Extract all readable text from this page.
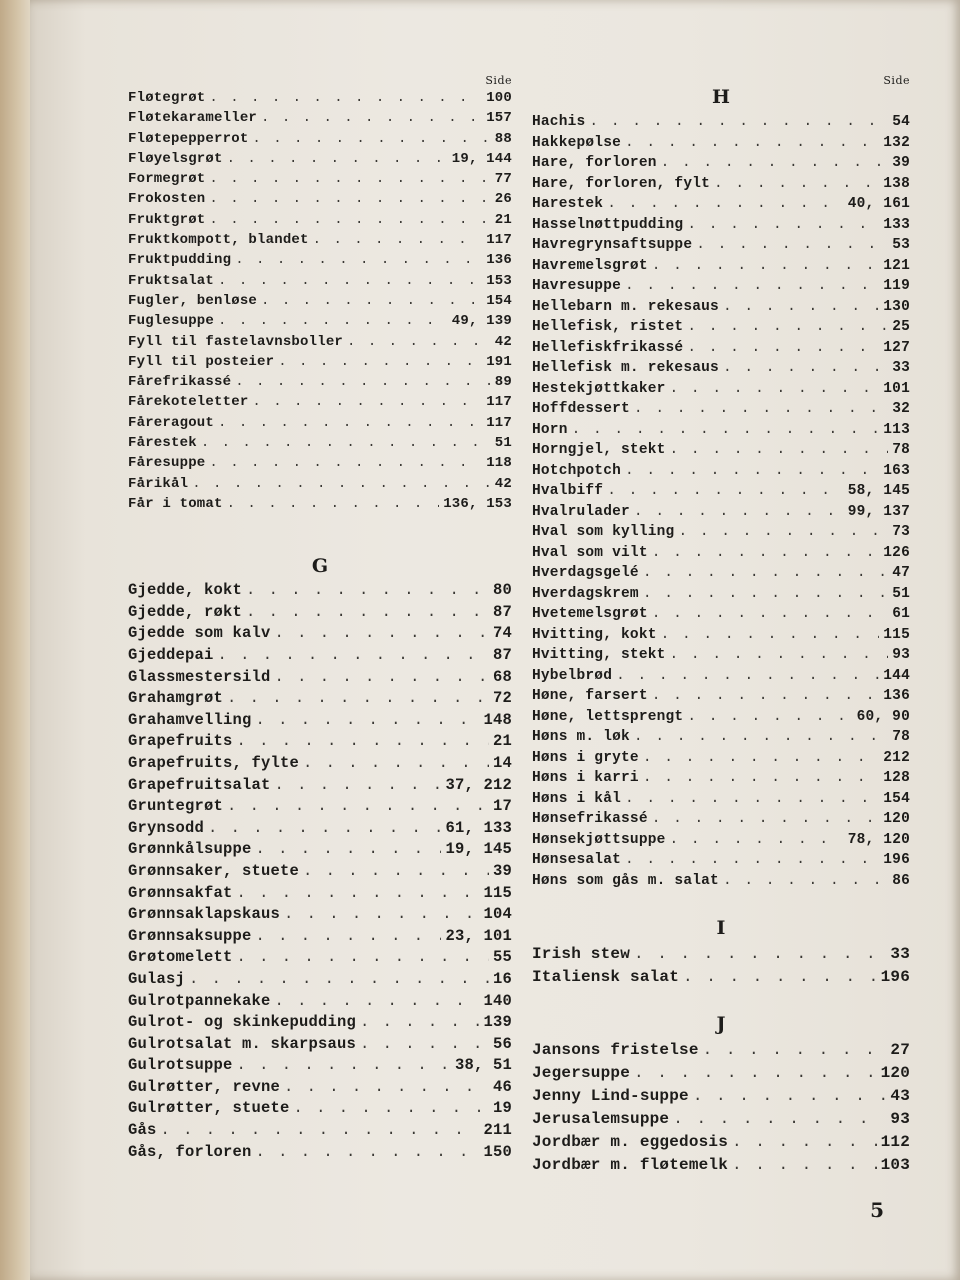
Side
Fløtegrøt . . .	100
Fløtekarameller . . .	157
Fløtepepperrot . . .	88
Fløyelsgrøt . . .	19, 144
Formegrøt . . .	77
Frokosten . . .	26
Fruktgrøt . . .	21
Fruktkompott, blandet . . .	117
Fruktpudding . . .	136
Fruktsalat . . .	153
Fugler, benløse . . .	154
Fuglesuppe . . .	49, 139
Fyll til fastelavnsboller . . .	42
Fyll til posteier . . .	191
Fårefrikassé . . .	89
Fårekoteletter . . .	117
Fåreragout . . .	117
Fårestek . . .	51
Fåresuppe . . .	118
Fårikål . . .	42
Får i tomat . . .	136, 153
G
Gjedde, kokt . . .	80
Gjedde, røkt . . .	87
Gjedde som kalv . . .	74
Gjeddepai . . .	87
Glassmestersild . . .	68
Grahamgrøt . . .	72
Grahamvelling . . .	148
Grapefruits . . .	21
Grapefruits, fylte . . .	14
Grapefruitsalat . . .	37, 212
Gruntegrøt . . .	17
Grynsodd . . .	61, 133
Grønnkålsuppe . . .	19, 145
Grønnsaker, stuete . . .	39
Grønnsakfat . . .	115
Grønnsaklapskaus . . .	104
Grønnsaksuppe . . .	23, 101
Grøtomelett . . .	55
Gulasj . . .	16
Gulrotpannekake . . .	140
Gulrot- og skinkepudding . . .	139
Gulrotsalat m. skarpsaus . . .	56
Gulrotsuppe . . .	38, 51
Gulrøtter, revne . . .	46
Gulrøtter, stuete . . .	19
Gås . . .	211
Gås, forloren . . .	150
Side
H
Hachis . . .	54
Hakkepølse . . .	132
Hare, forloren . . .	39
Hare, forloren, fylt . . .	138
Harestek . . .	40, 161
Hasselnøttpudding . . .	133
Havregrynsaftsuppe . . .	53
Havremelsgrøt . . .	121
Havresuppe . . .	119
Hellebarn m. rekesaus . . .	130
Hellefisk, ristet . . .	25
Hellefiskfrikassé . . .	127
Hellefisk m. rekesaus . . .	33
Hestekjøttkaker . . .	101
Hoffdessert . . .	32
Horn . . .	113
Horngjel, stekt . . .	78
Hotchpotch . . .	163
Hvalbiff . . .	58, 145
Hvalrulader . . .	99, 137
Hval som kylling . . .	73
Hval som vilt . . .	126
Hverdagsgelé . . .	47
Hverdagskrem . . .	51
Hvetemelsgrøt . . .	61
Hvitting, kokt . . .	115
Hvitting, stekt . . .	93
Hybelbrød . . .	144
Høne, farsert . . .	136
Høne, lettsprengt . . .	60, 90
Høns m. løk . . .	78
Høns i gryte . . .	212
Høns i karri . . .	128
Høns i kål . . .	154
Hønsefrikassé . . .	120
Hønsekjøttsuppe . . .	78, 120
Hønsesalat . . .	196
Høns som gås m. salat . . .	86
I
Irish stew . . .	33
Italiensk salat . . .	196
J
Jansons fristelse . . .	27
Jegersuppe . . .	120
Jenny Lind-suppe . . .	43
Jerusalemsuppe . . .	93
Jordbær m. eggedosis . . .	112
Jordbær m. fløtemelk . . .	103
5
